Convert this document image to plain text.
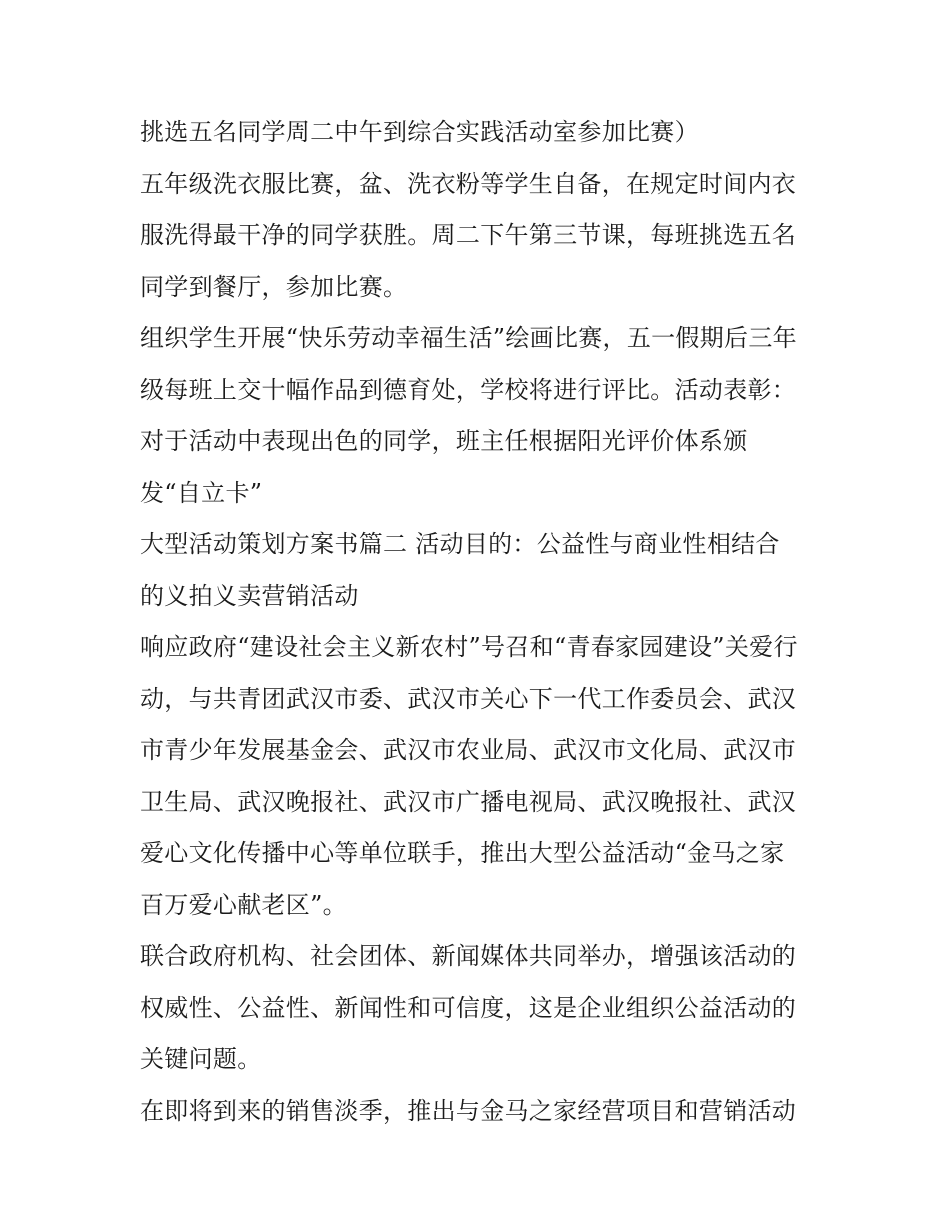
挑选五名同学周二中午到综合实践活动室参加比赛）
五年级洗衣服比赛，盆、洗衣粉等学生自备，在规定时间内衣
服洗得最干净的同学获胜。周二下午第三节课，每班挑选五名
同学到餐厅，参加比赛。
组织学生开展“快乐劳动幸福生活”绘画比赛，五一假期后三年
级每班上交十幅作品到德育处，学校将进行评比。活动表彰：
对于活动中表现出色的同学，班主任根据阳光评价体系颁
发“自立卡”
大型活动策划方案书篇二 活动目的：公益性与商业性相结合
的义拍义卖营销活动
响应政府“建设社会主义新农村”号召和“青春家园建设”关爱行
动，与共青团武汉市委、武汉市关心下一代工作委员会、武汉
市青少年发展基金会、武汉市农业局、武汉市文化局、武汉市
卫生局、武汉晚报社、武汉市广播电视局、武汉晚报社、武汉
爱心文化传播中心等单位联手，推出大型公益活动“金马之家
百万爱心献老区”。
联合政府机构、社会团体、新闻媒体共同举办，增强该活动的
权威性、公益性、新闻性和可信度，这是企业组织公益活动的
关键问题。
在即将到来的销售淡季，推出与金马之家经营项目和营销活动
